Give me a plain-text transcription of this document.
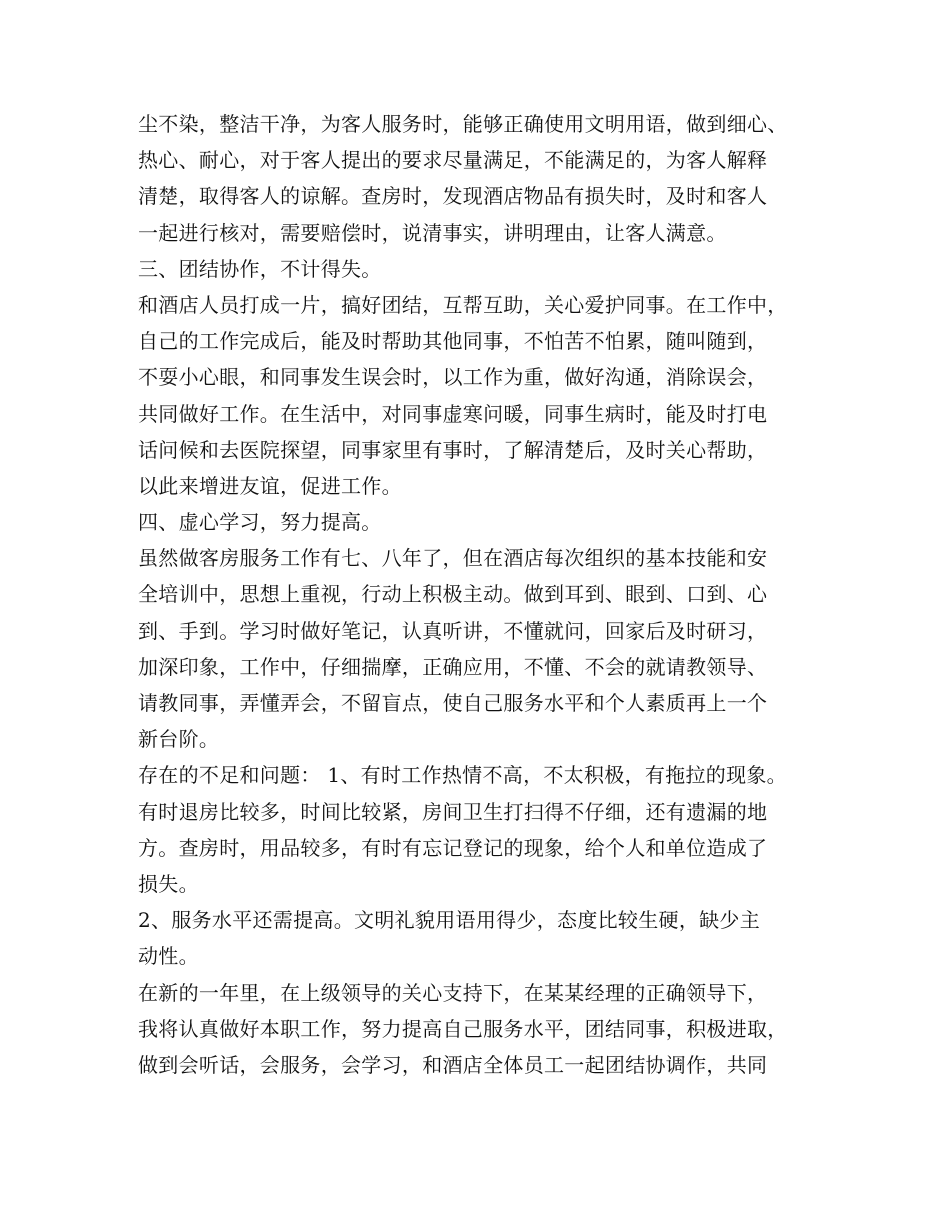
尘不染，整洁干净，为客人服务时，能够正确使用文明用语，做到细心、
热心、耐心，对于客人提出的要求尽量满足，不能满足的，为客人解释
清楚，取得客人的谅解。查房时，发现酒店物品有损失时，及时和客人
一起进行核对，需要赔偿时，说清事实，讲明理由，让客人满意。
三、团结协作，不计得失。
和酒店人员打成一片，搞好团结，互帮互助，关心爱护同事。在工作中，
自己的工作完成后，能及时帮助其他同事，不怕苦不怕累，随叫随到，
不耍小心眼，和同事发生误会时，以工作为重，做好沟通，消除误会，
共同做好工作。在生活中，对同事虚寒问暖，同事生病时，能及时打电
话问候和去医院探望，同事家里有事时，了解清楚后，及时关心帮助，
以此来增进友谊，促进工作。
四、虚心学习，努力提高。
虽然做客房服务工作有七、八年了，但在酒店每次组织的基本技能和安
全培训中，思想上重视，行动上积极主动。做到耳到、眼到、口到、心
到、手到。学习时做好笔记，认真听讲，不懂就问，回家后及时研习，
加深印象，工作中，仔细揣摩，正确应用，不懂、不会的就请教领导、
请教同事，弄懂弄会，不留盲点，使自己服务水平和个人素质再上一个
新台阶。
存在的不足和问题： 1、有时工作热情不高，不太积极，有拖拉的现象。
有时退房比较多，时间比较紧，房间卫生打扫得不仔细，还有遗漏的地
方。查房时，用品较多，有时有忘记登记的现象，给个人和单位造成了
损失。
2、服务水平还需提高。文明礼貌用语用得少，态度比较生硬，缺少主
动性。
在新的一年里，在上级领导的关心支持下，在某某经理的正确领导下，
我将认真做好本职工作，努力提高自己服务水平，团结同事，积极进取，
做到会听话，会服务，会学习，和酒店全体员工一起团结协调作，共同
